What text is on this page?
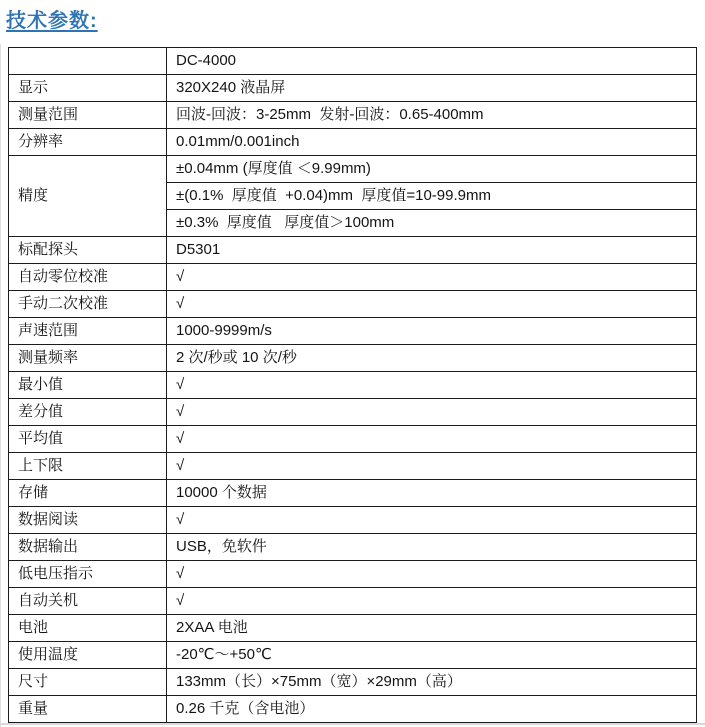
技术参数:
	DC-4000
显示	320X240 液晶屏
测量范围	回波-回波：3-25mm  发射-回波：0.65-400mm
分辨率	0.01mm/0.001inch
精度	±0.04mm (厚度值 ＜9.99mm)
	±(0.1%  厚度值  +0.04)mm  厚度值=10-99.9mm
	±0.3%  厚度值   厚度值＞100mm
标配探头	D5301
自动零位校准	√
手动二次校准	√
声速范围	1000-9999m/s
测量频率	2 次/秒或 10 次/秒
最小值	√
差分值	√
平均值	√
上下限	√
存储	10000 个数据
数据阅读	√
数据输出	USB，免软件
低电压指示	√
自动关机	√
电池	2XAA 电池
使用温度	-20℃～+50℃
尺寸	133mm（长）×75mm（宽）×29mm（高）
重量	0.26 千克（含电池）
